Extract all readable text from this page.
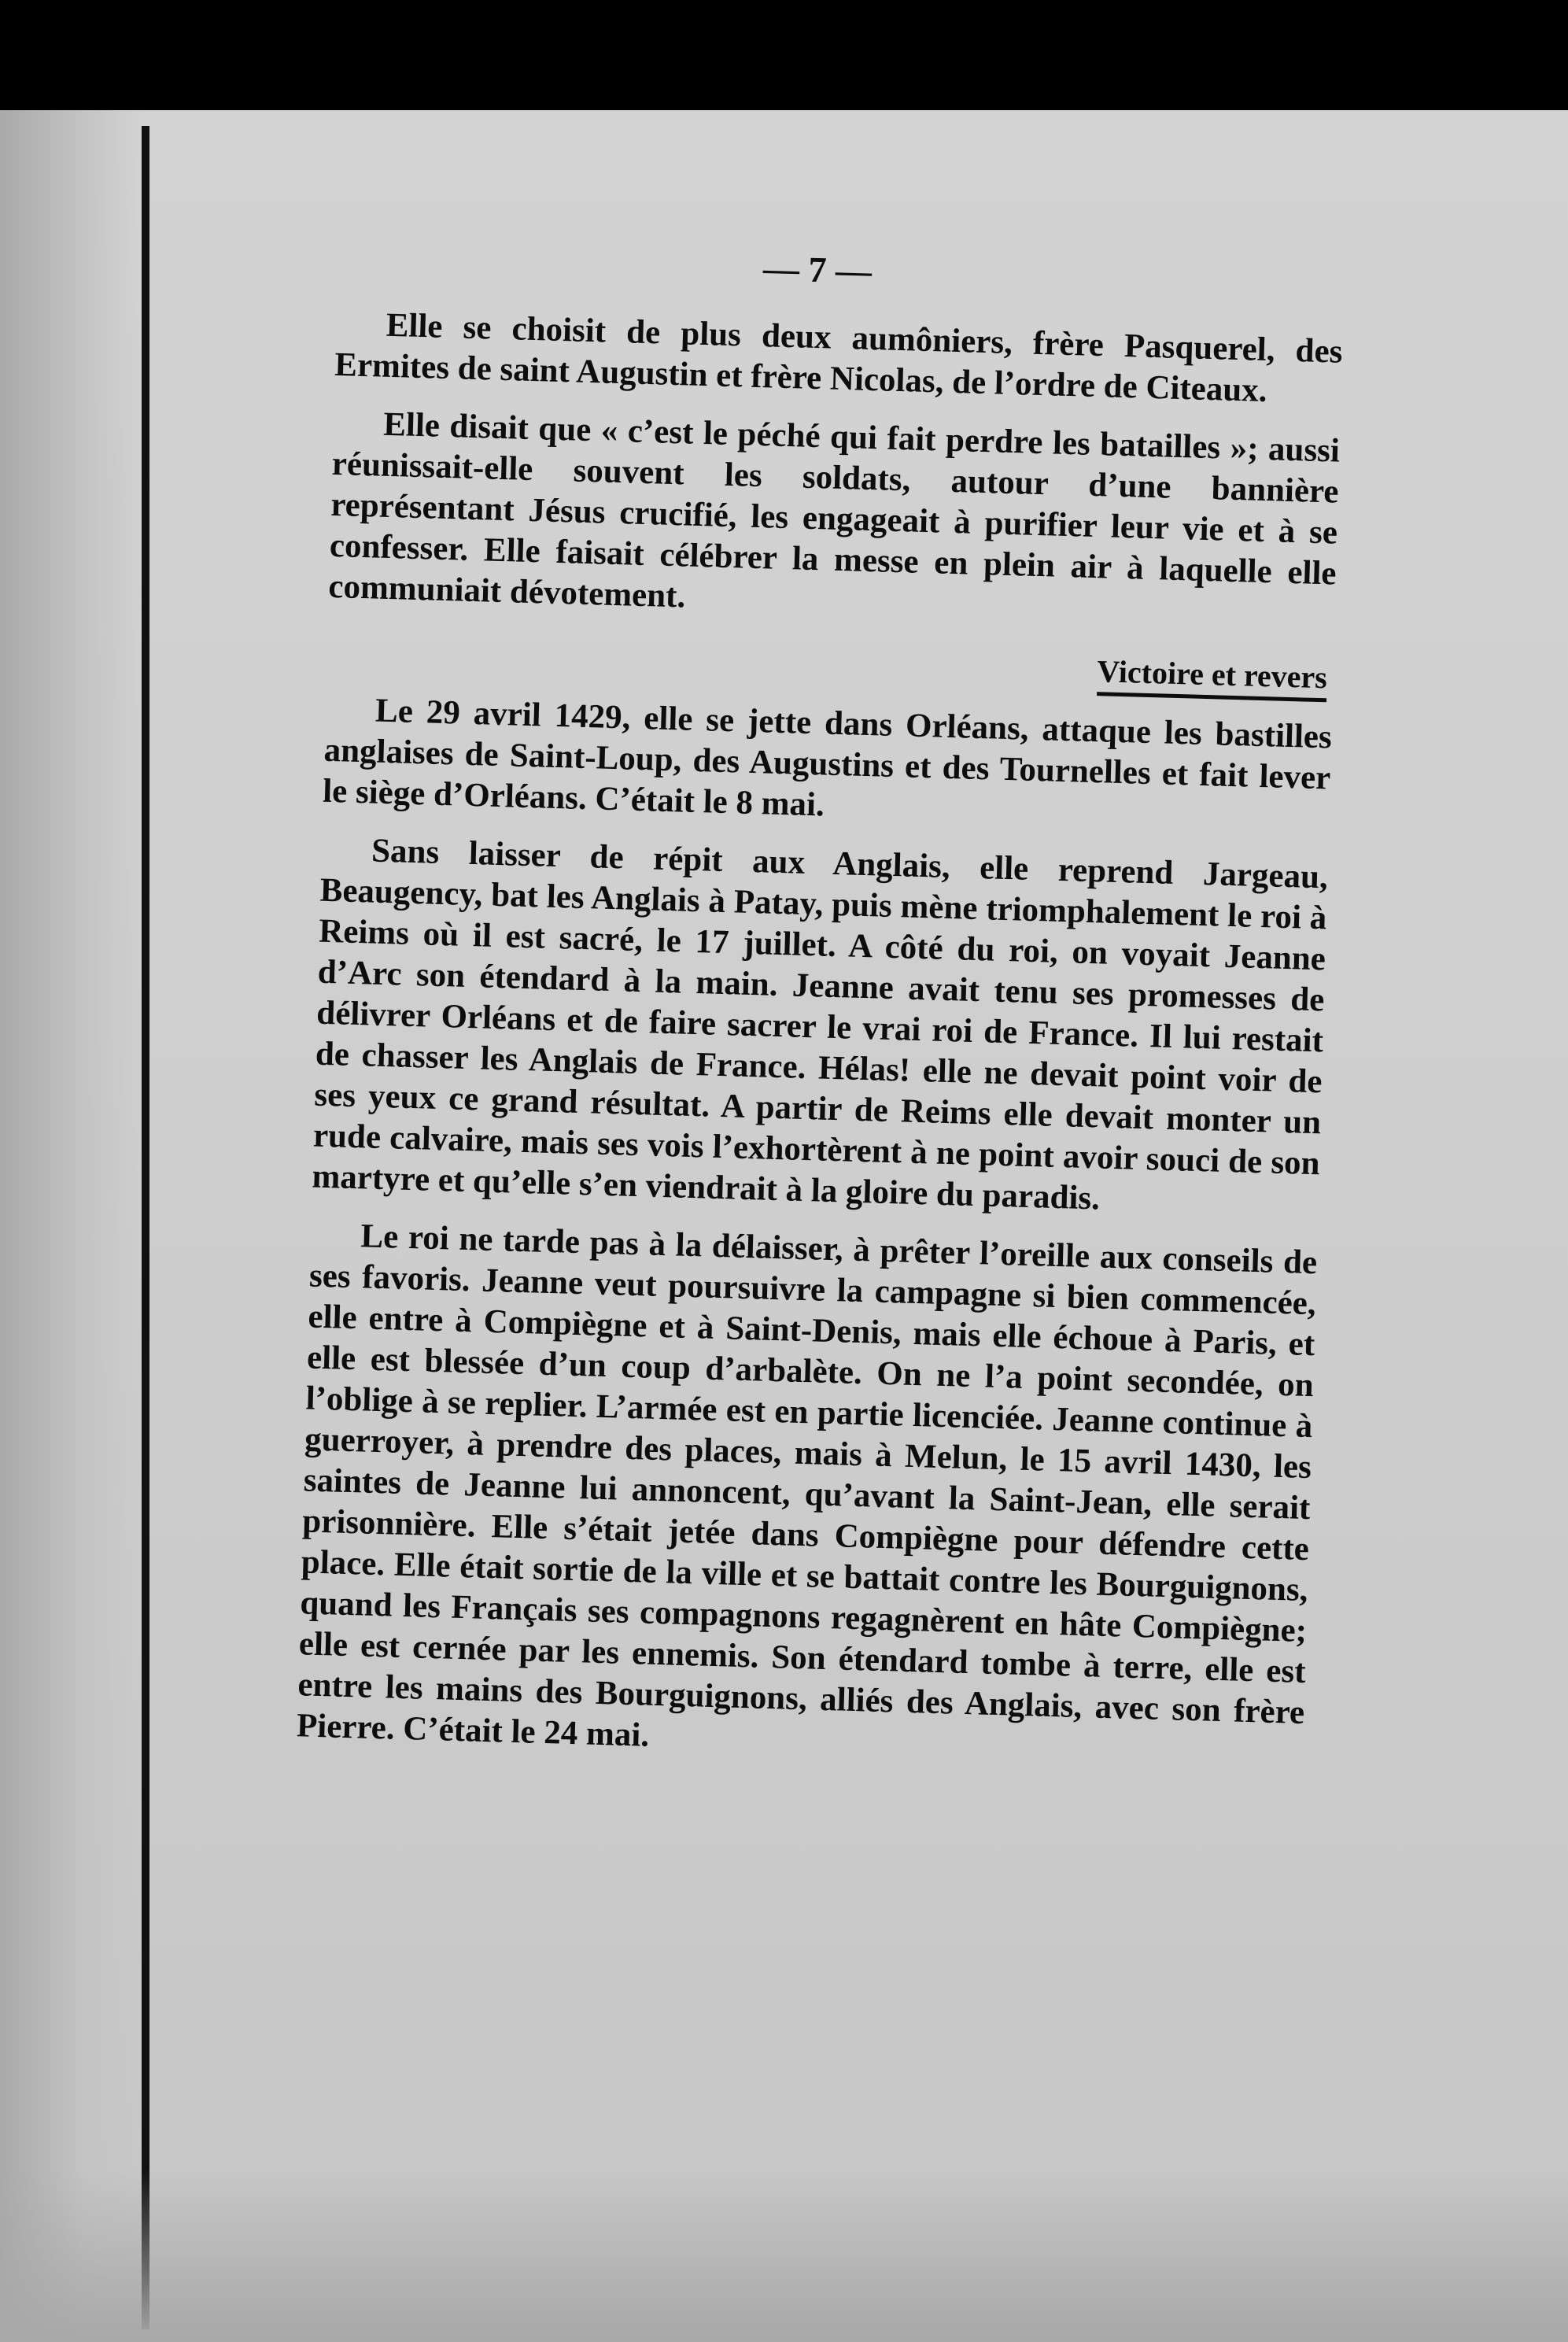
— 7 —

Elle se choisit de plus deux aumôniers, frère Pasquerel, des Ermites de saint Augustin et frère Nicolas, de l’ordre de Citeaux.

Elle disait que « c’est le péché qui fait perdre les batailles »; aussi réunissait-elle souvent les soldats, autour d’une bannière représentant Jésus crucifié, les engageait à purifier leur vie et à se confesser. Elle faisait célébrer la messe en plein air à laquelle elle communiait dévotement.

Victoire et revers

Le 29 avril 1429, elle se jette dans Orléans, attaque les bastilles anglaises de Saint-Loup, des Augustins et des Tournelles et fait lever le siège d’Orléans. C’était le 8 mai.

Sans laisser de répit aux Anglais, elle reprend Jargeau, Beaugency, bat les Anglais à Patay, puis mène triomphalement le roi à Reims où il est sacré, le 17 juillet. A côté du roi, on voyait Jeanne d’Arc son étendard à la main. Jeanne avait tenu ses promesses de délivrer Orléans et de faire sacrer le vrai roi de France. Il lui restait de chasser les Anglais de France. Hélas! elle ne devait point voir de ses yeux ce grand résultat. A partir de Reims elle devait monter un rude calvaire, mais ses vois l’exhortèrent à ne point avoir souci de son martyre et qu’elle s’en viendrait à la gloire du paradis.

Le roi ne tarde pas à la délaisser, à prêter l’oreille aux conseils de ses favoris. Jeanne veut poursuivre la campagne si bien commencée, elle entre à Compiègne et à Saint-Denis, mais elle échoue à Paris, et elle est blessée d’un coup d’arbalète. On ne l’a point secondée, on l’oblige à se replier. L’armée est en partie licenciée. Jeanne continue à guerroyer, à prendre des places, mais à Melun, le 15 avril 1430, les saintes de Jeanne lui annoncent, qu’avant la Saint-Jean, elle serait prisonnière. Elle s’était jetée dans Compiègne pour défendre cette place. Elle était sortie de la ville et se battait contre les Bourguignons, quand les Français ses compagnons regagnèrent en hâte Compiègne; elle est cernée par les ennemis. Son étendard tombe à terre, elle est entre les mains des Bourguignons, alliés des Anglais, avec son frère Pierre. C’était le 24 mai.
